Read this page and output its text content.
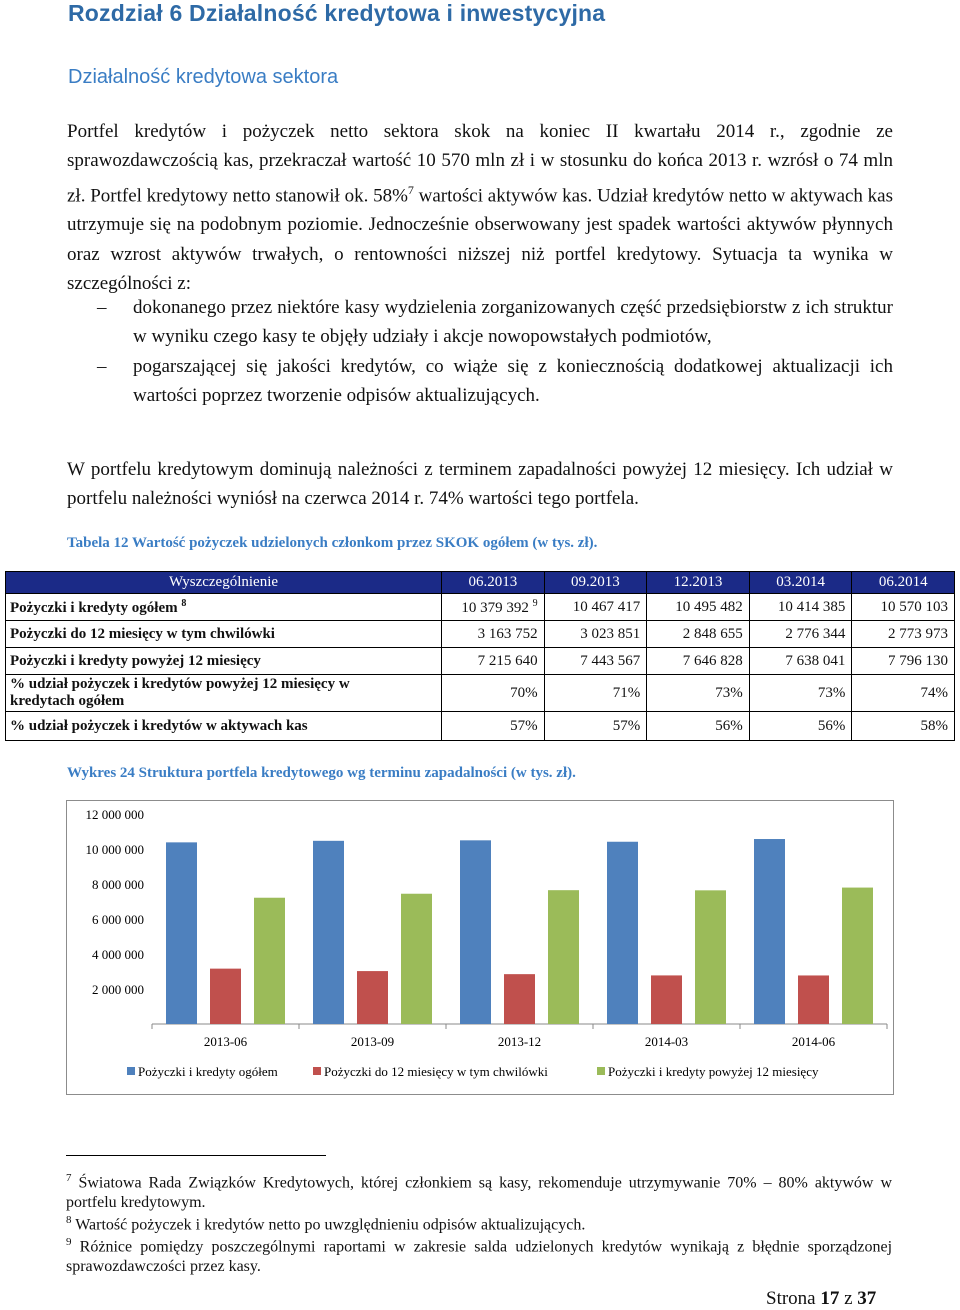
Rozdział 6 Działalność kredytowa i inwestycyjna
Działalność kredytowa sektora

Portfel kredytów i pożyczek netto sektora skok na koniec II kwartału 2014 r., zgodnie ze sprawozdawczością kas, przekraczał wartość 10 570 mln zł i w stosunku do końca 2013 r. wzrósł o 74 mln zł. Portfel kredytowy netto stanowił ok. 58%$^7$ wartości aktywów kas. Udział kredytów netto w aktywach kas utrzymuje się na podobnym poziomie. Jednocześnie obserwowany jest spadek wartości aktywów płynnych oraz wzrost aktywów trwałych, o rentowności niższej niż portfel kredytowy. Sytuacja ta wynika w szczególności z:

– dokonanego przez niektóre kasy wydzielenia zorganizowanych część przedsiębiorstw z ich struktur w wyniku czego kasy te objęły udziały i akcje nowopowstałych podmiotów,
– pogarszającej się jakości kredytów, co wiąże się z koniecznością dodatkowej aktualizacji ich wartości poprzez tworzenie odpisów aktualizujących.

W portfelu kredytowym dominują należności z terminem zapadalności powyżej 12 miesięcy. Ich udział w portfelu należności wyniósł na czerwca 2014 r. 74% wartości tego portfela.

Tabela 12 Wartość pożyczek udzielonych członkom przez SKOK ogółem (w tys. zł).

Wyszczególnienie	06.2013	09.2013	12.2013	03.2014	06.2014
Pożyczki i kredyty ogółem $^8$	10 379 392 $^9$	10 467 417	10 495 482	10 414 385	10 570 103
Pożyczki do 12 miesięcy w tym chwilówki	3 163 752	3 023 851	2 848 655	2 776 344	2 773 973
Pożyczki i kredyty powyżej 12 miesięcy	7 215 640	7 443 567	7 646 828	7 638 041	7 796 130
% udział pożyczek i kredytów powyżej 12 miesięcy w
kredytach ogółem	70%	71%	73%	73%	74%
% udział pożyczek i kredytów w aktywach kas	57%	57%	56%	56%	58%

Wykres 24 Struktura portfela kredytowego wg terminu zapadalności (w tys. zł).

12 000 000
10 000 000
8 000 000
6 000 000
4 000 000
2 000 000
2013-06	2013-09	2013-12	2014-03	2014-06
Pożyczki i kredyty ogółem	Pożyczki do 12 miesięcy w tym chwilówki	Pożyczki i kredyty powyżej 12 miesięcy

$^7$ Światowa Rada Związków Kredytowych, której członkiem są kasy, rekomenduje utrzymywanie 70% – 80% aktywów w portfelu kredytowym.

$^8$ Wartość pożyczek i kredytów netto po uwzględnieniu odpisów aktualizujących.

$^9$ Różnice pomiędzy poszczególnymi raportami w zakresie salda udzielonych kredytów wynikają z błędnie sporządzonej sprawozdawczości przez kasy.

Strona 17 z 37
